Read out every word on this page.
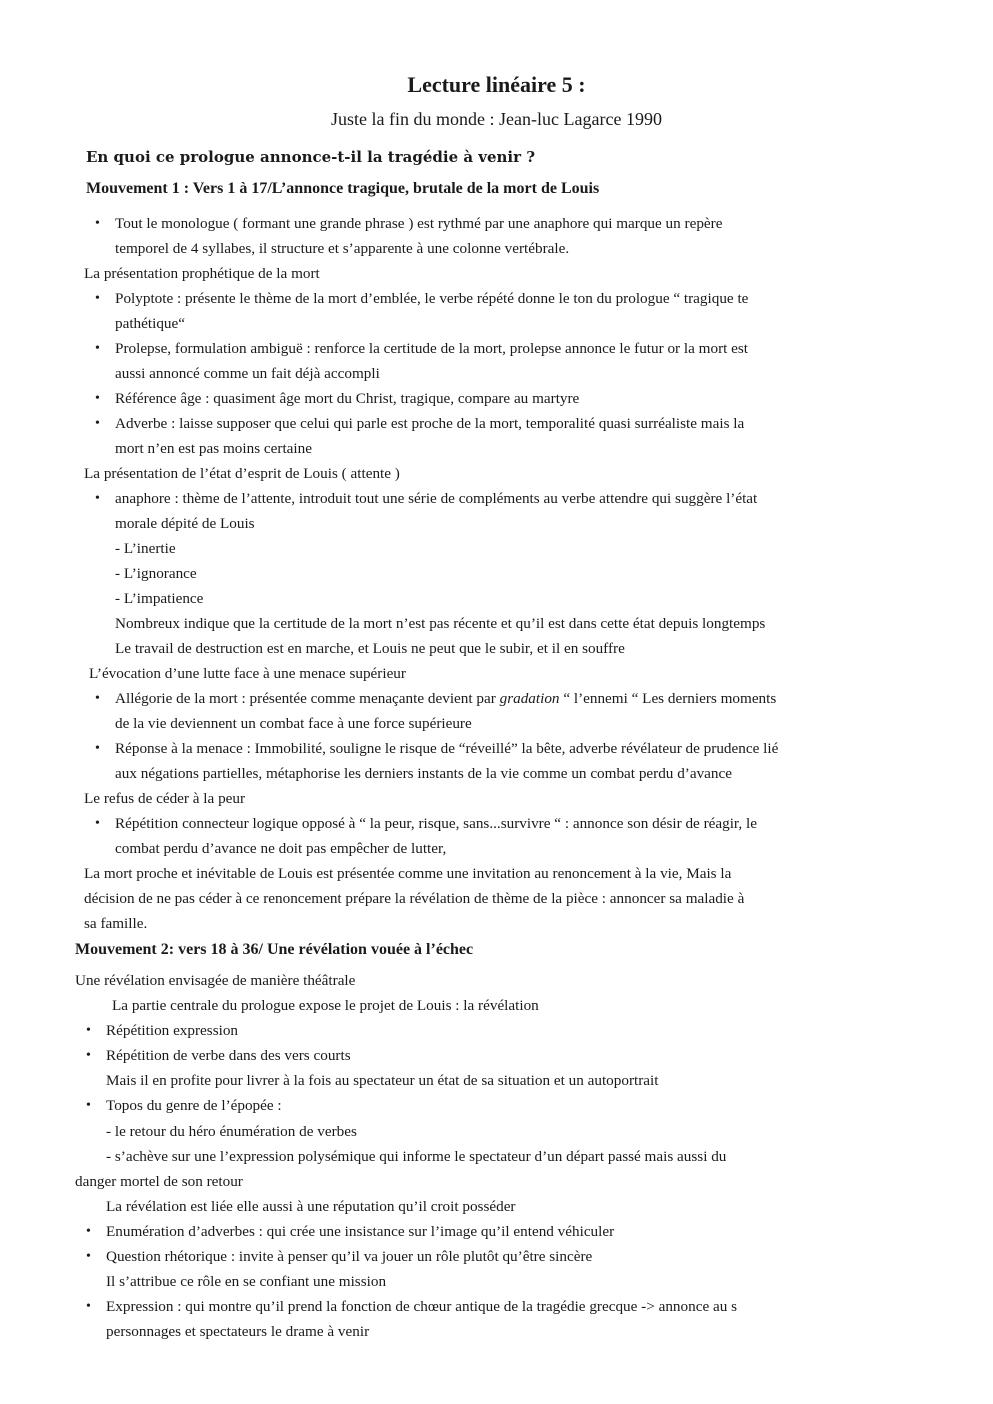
Lecture linéaire 5 :
Juste la fin du monde : Jean-luc Lagarce 1990
En quoi ce prologue annonce-t-il la tragédie à venir ?
Mouvement 1 : Vers 1 à 17/L’annonce tragique, brutale de la mort de Louis
• Tout le monologue ( formant une grande phrase ) est rythmé par une anaphore qui marque un repère
temporel de 4 syllabes, il structure et s’apparente à une colonne vertébrale.
La présentation prophétique de la mort
• Polyptote : présente le thème de la mort d’emblée, le verbe répété donne le ton du prologue “ tragique te
pathétique“
• Prolepse, formulation ambiguë : renforce la certitude de la mort, prolepse annonce le futur or la mort est
aussi annoncé comme un fait déjà accompli
• Référence âge : quasiment âge mort du Christ, tragique, compare au martyre
• Adverbe : laisse supposer que celui qui parle est proche de la mort, temporalité quasi surréaliste mais la
mort n’en est pas moins certaine
La présentation de l’état d’esprit de Louis ( attente )
• anaphore : thème de l’attente, introduit tout une série de compléments au verbe attendre qui suggère l’état
morale dépité de Louis
- L’inertie
- L’ignorance
- L’impatience
Nombreux indique que la certitude de la mort n’est pas récente et qu’il est dans cette état depuis longtemps
Le travail de destruction est en marche, et Louis ne peut que le subir, et il en souffre
L’évocation d’une lutte face à une menace supérieur
• Allégorie de la mort : présentée comme menaçante devient par gradation “ l’ennemi “ Les derniers moments
de la vie deviennent un combat face à une force supérieure
• Réponse à la menace : Immobilité, souligne le risque de “réveillé” la bête, adverbe révélateur de prudence lié
aux négations partielles, métaphorise les derniers instants de la vie comme un combat perdu d’avance
Le refus de céder à la peur
• Répétition connecteur logique opposé à “ la peur, risque, sans...survivre “ : annonce son désir de réagir, le
combat perdu d’avance ne doit pas empêcher de lutter,
La mort proche et inévitable de Louis est présentée comme une invitation au renoncement à la vie, Mais la
décision de ne pas céder à ce renoncement prépare la révélation de thème de la pièce : annoncer sa maladie à
sa famille.
Mouvement 2: vers 18 à 36/ Une révélation vouée à l’échec
Une révélation envisagée de manière théâtrale
La partie centrale du prologue expose le projet de Louis : la révélation
• Répétition expression
• Répétition de verbe dans des vers courts
Mais il en profite pour livrer à la fois au spectateur un état de sa situation et un autoportrait
• Topos du genre de l’épopée :
- le retour du héro énumération de verbes
- s’achève sur une l’expression polysémique qui informe le spectateur d’un départ passé mais aussi du
danger mortel de son retour
La révélation est liée elle aussi à une réputation qu’il croit posséder
• Enumération d’adverbes : qui crée une insistance sur l’image qu’il entend véhiculer
• Question rhétorique : invite à penser qu’il va jouer un rôle plutôt qu’être sincère
Il s’attribue ce rôle en se confiant une mission
• Expression : qui montre qu’il prend la fonction de chœur antique de la tragédie grecque -> annonce au s
personnages et spectateurs le drame à venir
